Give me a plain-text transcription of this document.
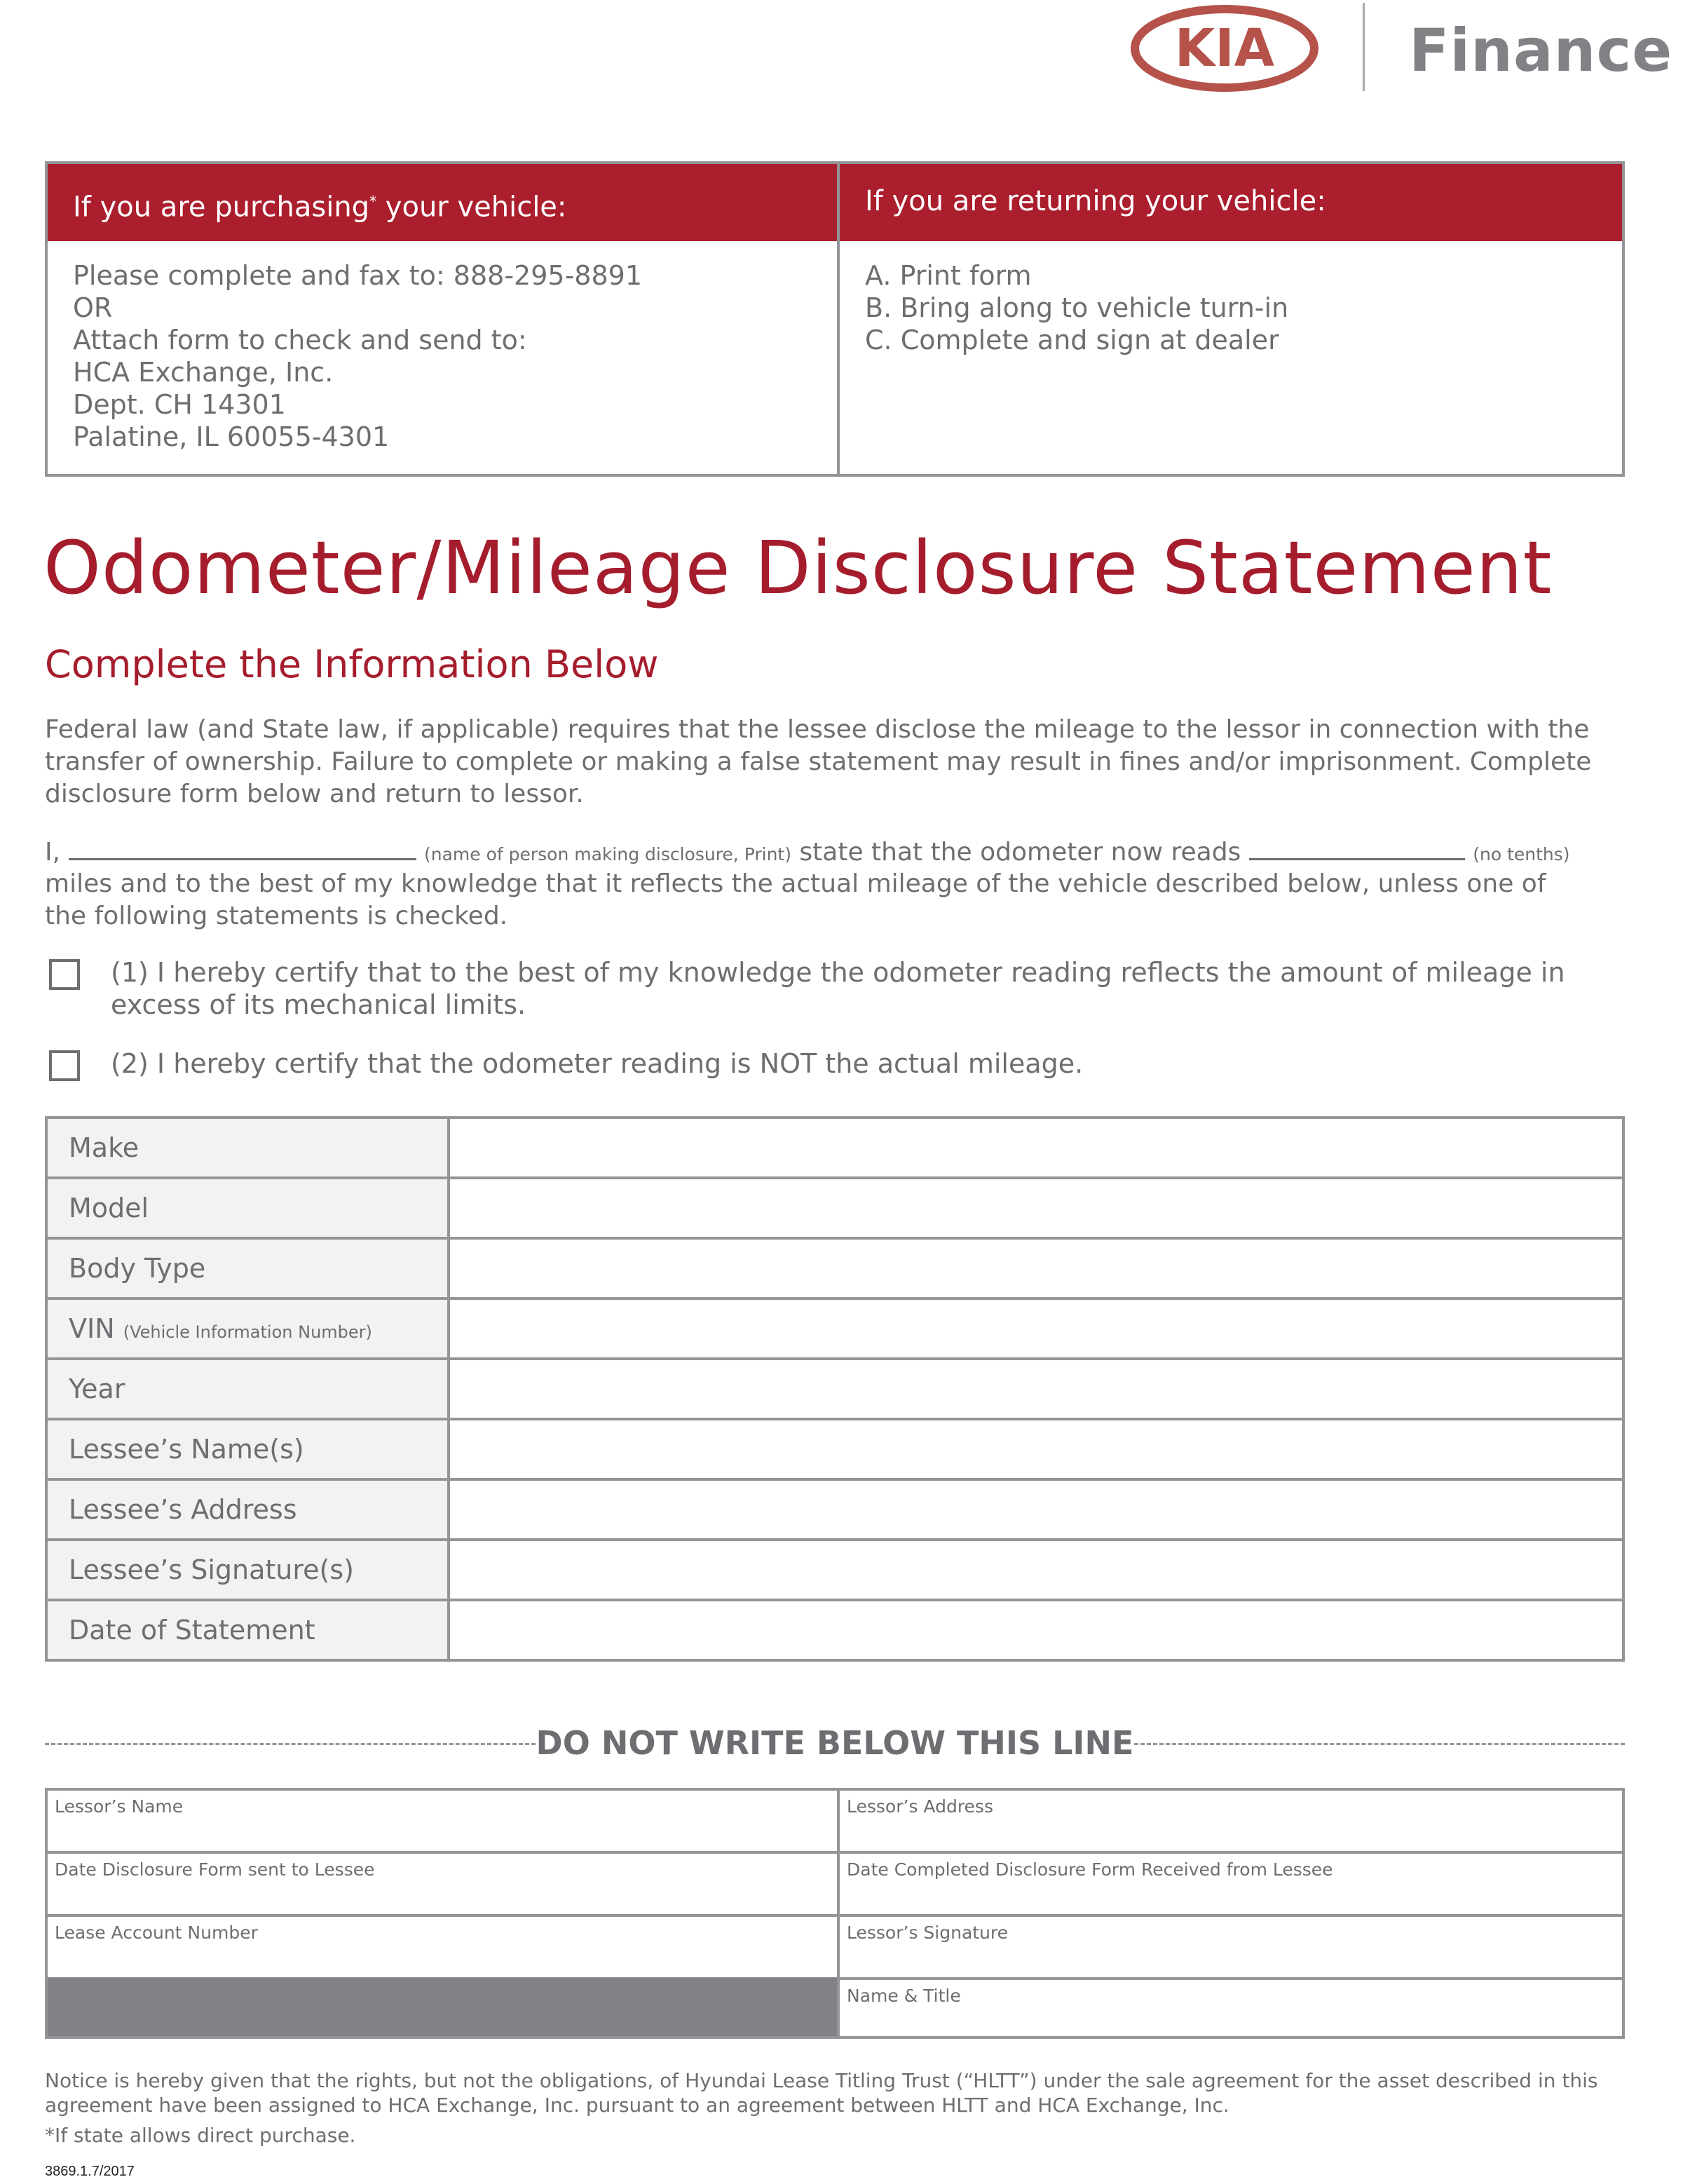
KIA Finance
If you are purchasing* your vehicle:	If you are returning your vehicle:
Please complete and fax to: 888-295-8891
OR
Attach form to check and send to:
HCA Exchange, Inc.
Dept. CH 14301
Palatine, IL 60055-4301
A. Print form
B. Bring along to vehicle turn-in
C. Complete and sign at dealer
Odometer/Mileage Disclosure Statement
Complete the Information Below
Federal law (and State law, if applicable) requires that the lessee disclose the mileage to the lessor in connection with the transfer of ownership. Failure to complete or making a false statement may result in fines and/or imprisonment. Complete disclosure form below and return to lessor.
I,	(name of person making disclosure, Print) state that the odometer now reads	(no tenths)
miles and to the best of my knowledge that it reflects the actual mileage of the vehicle described below, unless one of
the following statements is checked.
(1) I hereby certify that to the best of my knowledge the odometer reading reflects the amount of mileage in
excess of its mechanical limits.
(2) I hereby certify that the odometer reading is NOT the actual mileage.
Make
Model
Body Type
VIN (Vehicle Information Number)
Year
Lessee’s Name(s)
Lessee’s Address
Lessee’s Signature(s)
Date of Statement
DO NOT WRITE BELOW THIS LINE
Lessor’s Name	Lessor’s Address
Date Disclosure Form sent to Lessee	Date Completed Disclosure Form Received from Lessee
Lease Account Number	Lessor’s Signature
Name & Title
Notice is hereby given that the rights, but not the obligations, of Hyundai Lease Titling Trust (“HLTT”) under the sale agreement for the asset described in this agreement have been assigned to HCA Exchange, Inc. pursuant to an agreement between HLTT and HCA Exchange, Inc.
*If state allows direct purchase.
3869.1.7/2017
